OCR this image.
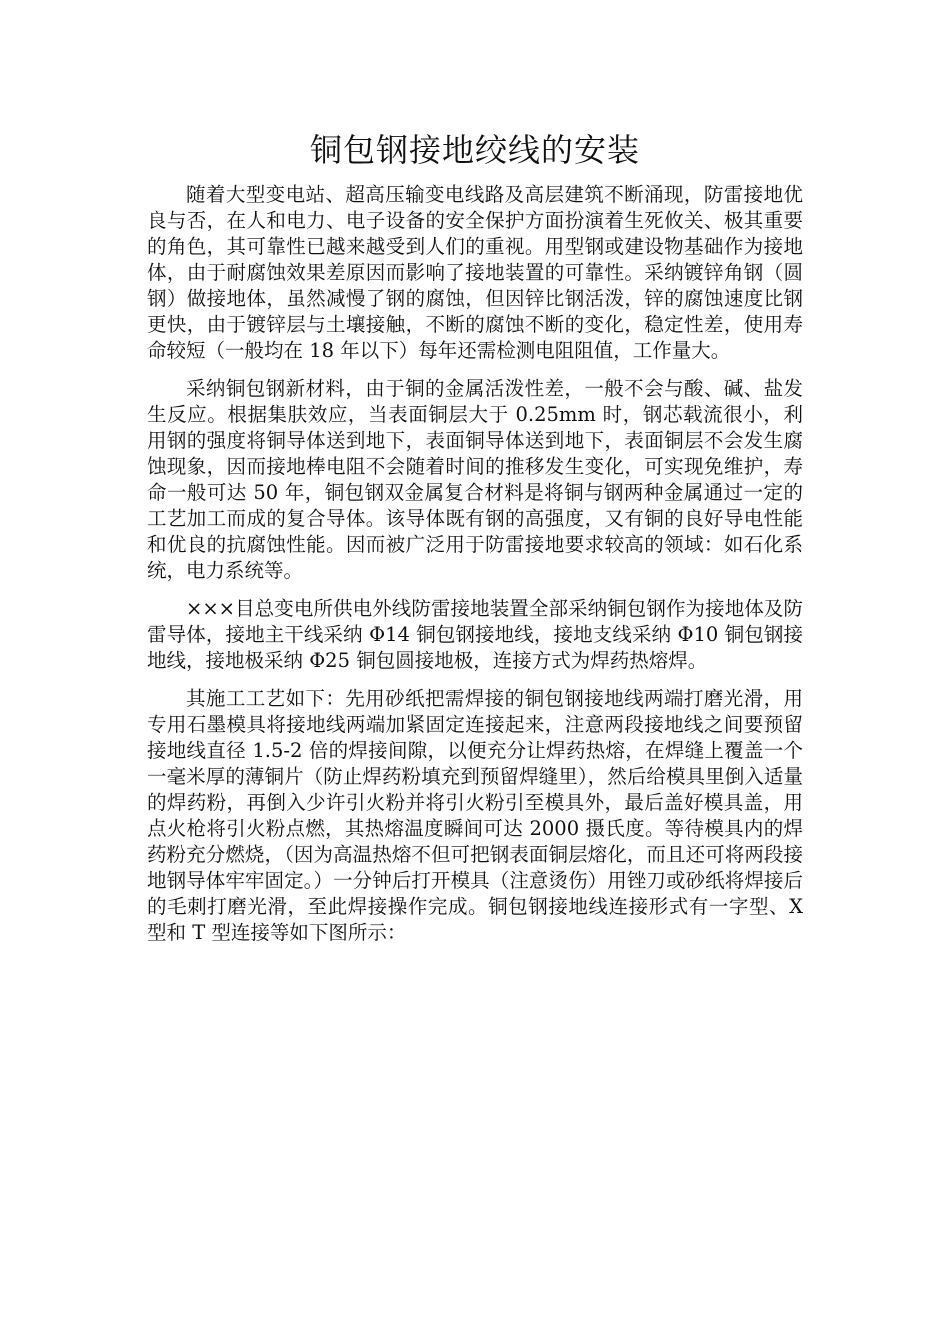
铜包钢接地绞线的安装

随着大型变电站、超高压输变电线路及高层建筑不断涌现，防雷接地优良与否，在人和电力、电子设备的安全保护方面扮演着生死攸关、极其重要的角色，其可靠性已越来越受到人们的重视。用型钢或建设物基础作为接地体，由于耐腐蚀效果差原因而影响了接地装置的可靠性。采纳镀锌角钢（圆钢）做接地体，虽然减慢了钢的腐蚀，但因锌比钢活泼，锌的腐蚀速度比钢更快，由于镀锌层与土壤接触，不断的腐蚀不断的变化，稳定性差，使用寿命较短（一般均在 18 年以下）每年还需检测电阻阻值，工作量大。

采纳铜包钢新材料，由于铜的金属活泼性差，一般不会与酸、碱、盐发生反应。根据集肤效应，当表面铜层大于 0.25mm 时，钢芯载流很小，利用钢的强度将铜导体送到地下，表面铜导体送到地下，表面铜层不会发生腐蚀现象，因而接地棒电阻不会随着时间的推移发生变化，可实现免维护，寿命一般可达 50 年，铜包钢双金属复合材料是将铜与钢两种金属通过一定的工艺加工而成的复合导体。该导体既有钢的高强度，又有铜的良好导电性能和优良的抗腐蚀性能。因而被广泛用于防雷接地要求较高的领域：如石化系统，电力系统等。

×××目总变电所供电外线防雷接地装置全部采纳铜包钢作为接地体及防雷导体，接地主干线采纳 Φ14 铜包钢接地线，接地支线采纳 Φ10 铜包钢接地线，接地极采纳 Φ25 铜包圆接地极，连接方式为焊药热熔焊。

其施工工艺如下：先用砂纸把需焊接的铜包钢接地线两端打磨光滑，用专用石墨模具将接地线两端加紧固定连接起来，注意两段接地线之间要预留接地线直径 1.5-2 倍的焊接间隙，以便充分让焊药热熔，在焊缝上覆盖一个一毫米厚的薄铜片（防止焊药粉填充到预留焊缝里），然后给模具里倒入适量的焊药粉，再倒入少许引火粉并将引火粉引至模具外，最后盖好模具盖，用点火枪将引火粉点燃，其热熔温度瞬间可达 2000 摄氏度。等待模具内的焊药粉充分燃烧，（因为高温热熔不但可把钢表面铜层熔化，而且还可将两段接地钢导体牢牢固定。）一分钟后打开模具（注意烫伤）用锉刀或砂纸将焊接后的毛刺打磨光滑，至此焊接操作完成。铜包钢接地线连接形式有一字型、X 型和 T 型连接等如下图所示：
